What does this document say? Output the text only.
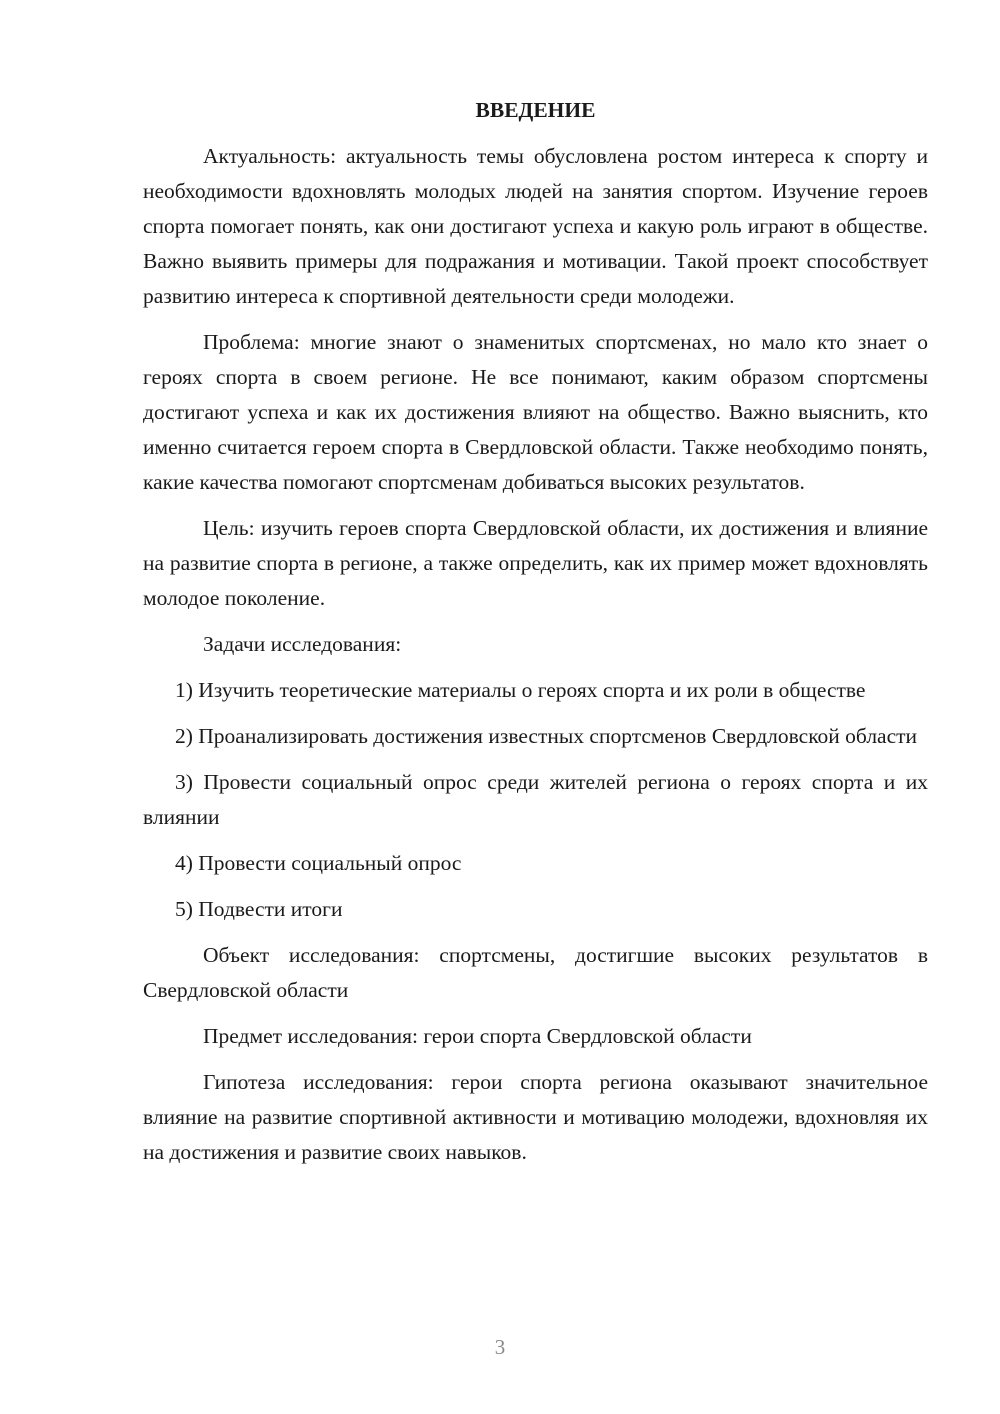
ВВЕДЕНИЕ

Актуальность: актуальность темы обусловлена ростом интереса к спорту и необходимости вдохновлять молодых людей на занятия спортом. Изучение героев спорта помогает понять, как они достигают успеха и какую роль играют в обществе. Важно выявить примеры для подражания и мотивации. Такой проект способствует развитию интереса к спортивной деятельности среди молодежи.

Проблема: многие знают о знаменитых спортсменах, но мало кто знает о героях спорта в своем регионе. Не все понимают, каким образом спортсмены достигают успеха и как их достижения влияют на общество. Важно выяснить, кто именно считается героем спорта в Свердловской области. Также необходимо понять, какие качества помогают спортсменам добиваться высоких результатов.

Цель: изучить героев спорта Свердловской области, их достижения и влияние на развитие спорта в регионе, а также определить, как их пример может вдохновлять молодое поколение.

Задачи исследования:

1) Изучить теоретические материалы о героях спорта и их роли в обществе

2) Проанализировать достижения известных спортсменов Свердловской области

3) Провести социальный опрос среди жителей региона о героях спорта и их влиянии

4) Провести социальный опрос

5) Подвести итоги

Объект исследования: спортсмены, достигшие высоких результатов в Свердловской области

Предмет исследования: герои спорта Свердловской области

Гипотеза исследования: герои спорта региона оказывают значительное влияние на развитие спортивной активности и мотивацию молодежи, вдохновляя их на достижения и развитие своих навыков.

3
